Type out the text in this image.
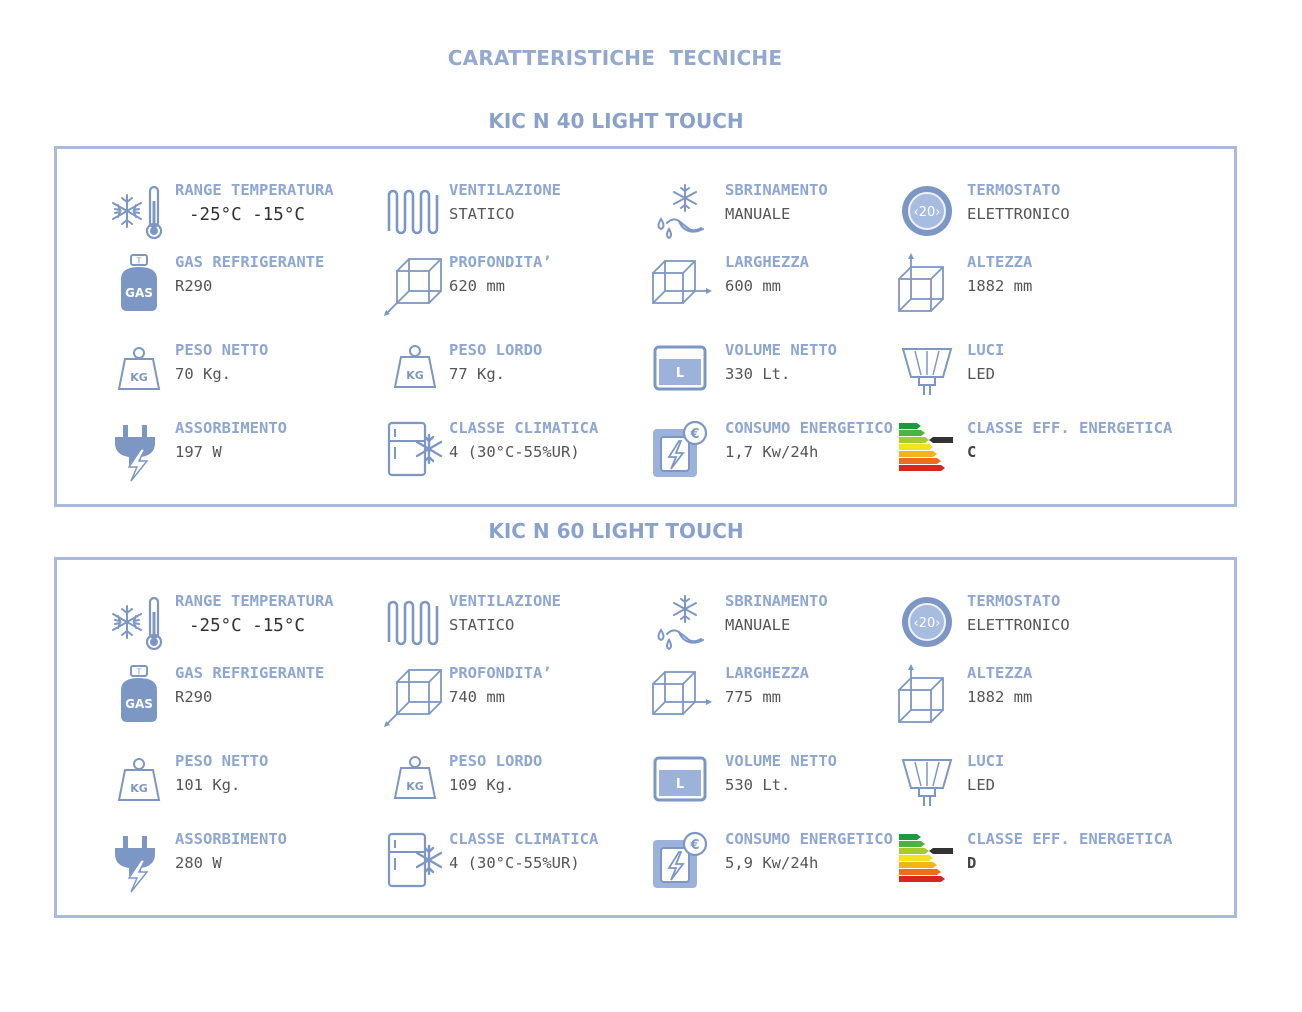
CARATTERISTICHE  TECNICHE
KIC N 40 LIGHT TOUCH
RANGE TEMPERATURA
-25°C -15°C
VENTILAZIONE
STATICO
SBRINAMENTO
MANUALE	‹20›
TERMOSTATO
ELETTRONICO
T
GAS
GAS REFRIGERANTE
R290
PROFONDITA’
620 mm
LARGHEZZA
600 mm
ALTEZZA
1882 mm
KG
PESO NETTO
70 Kg.	KG
PESO LORDO
77 Kg.	L
VOLUME NETTO
330 Lt.
LUCI
LED
ASSORBIMENTO
197 W
CLASSE CLIMATICA
4 (30°C-55%UR)
€ CONSUMO ENERGETICO
1,7 Kw/24h
CLASSE EFF. ENERGETICA
C
KIC N 60 LIGHT TOUCH
RANGE TEMPERATURA
-25°C -15°C
VENTILAZIONE
STATICO
SBRINAMENTO
MANUALE	‹20›
TERMOSTATO
ELETTRONICO
T
GAS
GAS REFRIGERANTE
R290
PROFONDITA’
740 mm
LARGHEZZA
775 mm
ALTEZZA
1882 mm
KG
PESO NETTO
101 Kg.	KG
PESO LORDO
109 Kg.	L
VOLUME NETTO
530 Lt.
LUCI
LED
ASSORBIMENTO
280 W
CLASSE CLIMATICA
4 (30°C-55%UR)
€ CONSUMO ENERGETICO
5,9 Kw/24h
CLASSE EFF. ENERGETICA
D
